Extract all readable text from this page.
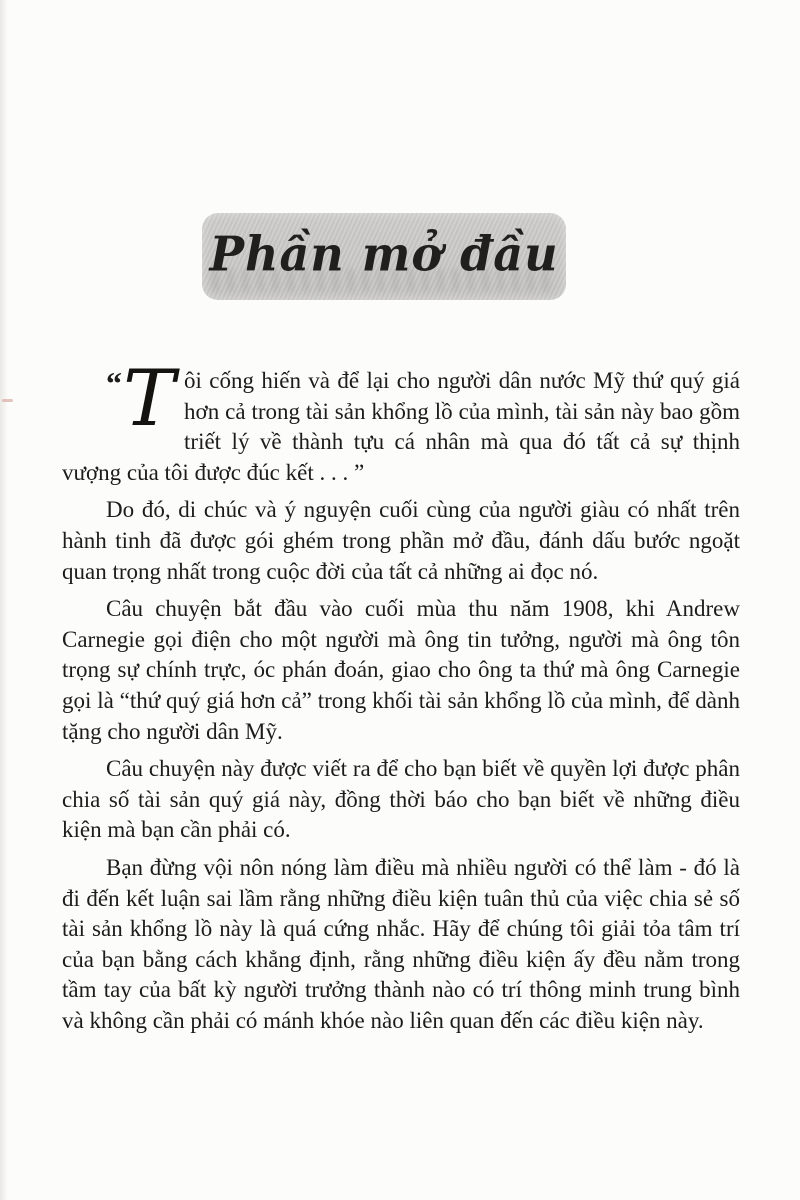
Phần mở đầu

“T ôi cống hiến và để lại cho người dân nước Mỹ thứ quý giá hơn cả trong tài sản khổng lồ của mình, tài sản này bao gồm triết lý về thành tựu cá nhân mà qua đó tất cả sự thịnh vượng của tôi được đúc kết . . . ”

Do đó, di chúc và ý nguyện cuối cùng của người giàu có nhất trên hành tinh đã được gói ghém trong phần mở đầu, đánh dấu bước ngoặt quan trọng nhất trong cuộc đời của tất cả những ai đọc nó.

Câu chuyện bắt đầu vào cuối mùa thu năm 1908, khi Andrew Carnegie gọi điện cho một người mà ông tin tưởng, người mà ông tôn trọng sự chính trực, óc phán đoán, giao cho ông ta thứ mà ông Carnegie gọi là “thứ quý giá hơn cả” trong khối tài sản khổng lồ của mình, để dành tặng cho người dân Mỹ.

Câu chuyện này được viết ra để cho bạn biết về quyền lợi được phân chia số tài sản quý giá này, đồng thời báo cho bạn biết về những điều kiện mà bạn cần phải có.

Bạn đừng vội nôn nóng làm điều mà nhiều người có thể làm - đó là đi đến kết luận sai lầm rằng những điều kiện tuân thủ của việc chia sẻ số tài sản khổng lồ này là quá cứng nhắc. Hãy để chúng tôi giải tỏa tâm trí của bạn bằng cách khẳng định, rằng những điều kiện ấy đều nằm trong tầm tay của bất kỳ người trưởng thành nào có trí thông minh trung bình và không cần phải có mánh khóe nào liên quan đến các điều kiện này.
